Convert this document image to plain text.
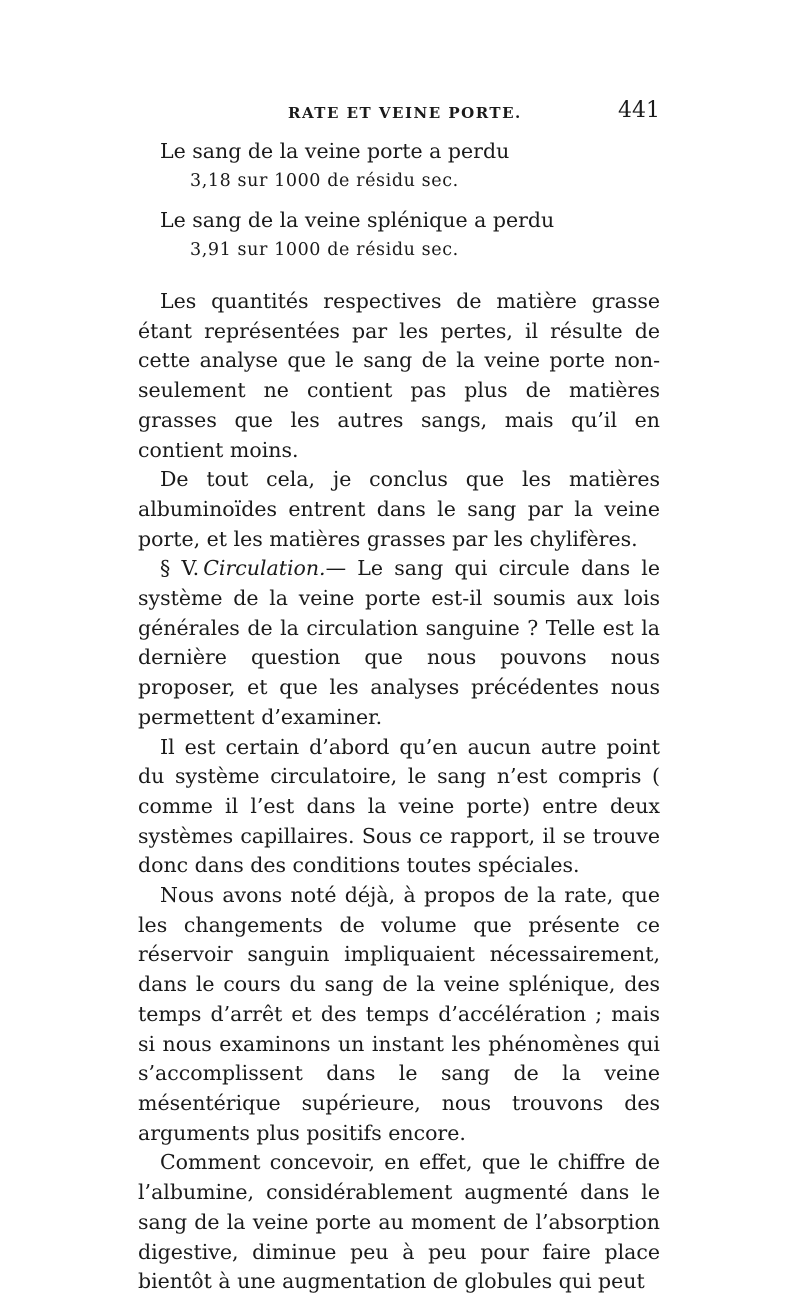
RATE ET VEINE PORTE.	441

Le sang de la veine porte a perdu

3,18 sur 1000 de résidu sec.

Le sang de la veine splénique a perdu

3,91 sur 1000 de résidu sec.

Les quantités respectives de matière grasse étant représentées par les pertes, il résulte de cette analyse que le sang de la veine porte non-seulement ne contient pas plus de matières grasses que les autres sangs, mais qu’il en contient moins.

De tout cela, je conclus que les matières albuminoïdes entrent dans le sang par la veine porte, et les matières grasses par les chylifères.

§ V. Circulation.— Le sang qui circule dans le système de la veine porte est-il soumis aux lois générales de la circulation sanguine ? Telle est la dernière question que nous pouvons nous proposer, et que les analyses précédentes nous permettent d’examiner.

Il est certain d’abord qu’en aucun autre point du système circulatoire, le sang n’est compris ( comme il l’est dans la veine porte) entre deux systèmes capillaires. Sous ce rapport, il se trouve donc dans des conditions toutes spéciales.

Nous avons noté déjà, à propos de la rate, que les changements de volume que présente ce réservoir sanguin impliquaient nécessairement, dans le cours du sang de la veine splénique, des temps d’arrêt et des temps d’accélération ; mais si nous examinons un instant les phénomènes qui s’accomplissent dans le sang de la veine mésentérique supérieure, nous trouvons des arguments plus positifs encore.

Comment concevoir, en effet, que le chiffre de l’albumine, considérablement augmenté dans le sang de la veine porte au moment de l’absorption digestive, diminue peu à peu pour faire place bientôt à une augmentation de globules qui peut
